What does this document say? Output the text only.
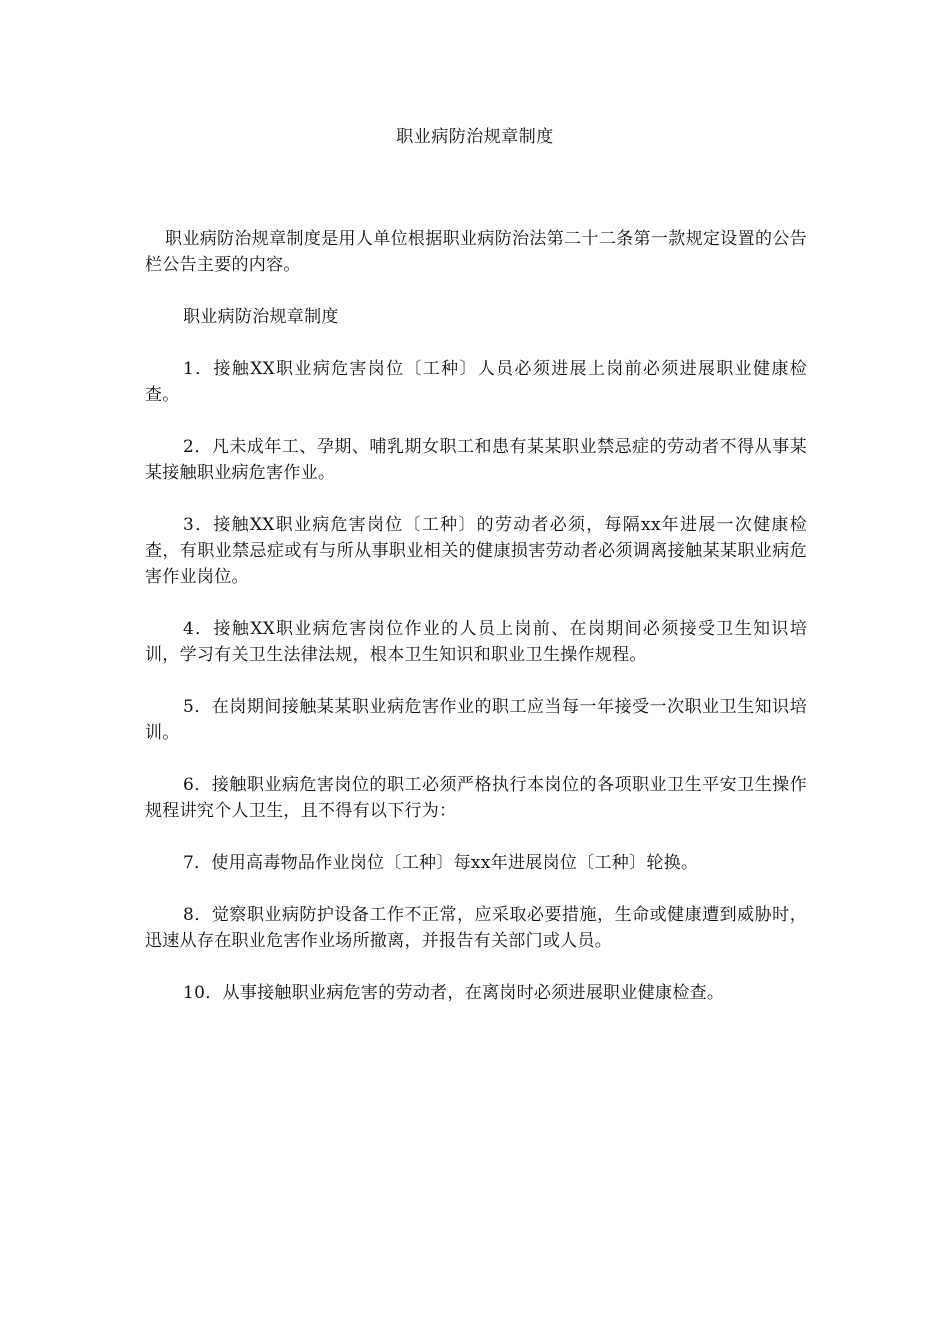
职业病防治规章制度

职业病防治规章制度是用人单位根据职业病防治法第二十二条第一款规定设置的公告栏公告主要的内容。

职业病防治规章制度

1．接触XX职业病危害岗位〔工种〕人员必须进展上岗前必须进展职业健康检查。

2．凡未成年工、孕期、哺乳期女职工和患有某某职业禁忌症的劳动者不得从事某某接触职业病危害作业。

3．接触XX职业病危害岗位〔工种〕的劳动者必须，每隔xx年进展一次健康检查，有职业禁忌症或有与所从事职业相关的健康损害劳动者必须调离接触某某职业病危害作业岗位。

4．接触XX职业病危害岗位作业的人员上岗前、在岗期间必须接受卫生知识培训，学习有关卫生法律法规，根本卫生知识和职业卫生操作规程。

5．在岗期间接触某某职业病危害作业的职工应当每一年接受一次职业卫生知识培训。

6．接触职业病危害岗位的职工必须严格执行本岗位的各项职业卫生平安卫生操作规程讲究个人卫生，且不得有以下行为：

7．使用高毒物品作业岗位〔工种〕每xx年进展岗位〔工种〕轮换。

8．觉察职业病防护设备工作不正常，应采取必要措施，生命或健康遭到威胁时，迅速从存在职业危害作业场所撤离，并报告有关部门或人员。

10．从事接触职业病危害的劳动者，在离岗时必须进展职业健康检查。
